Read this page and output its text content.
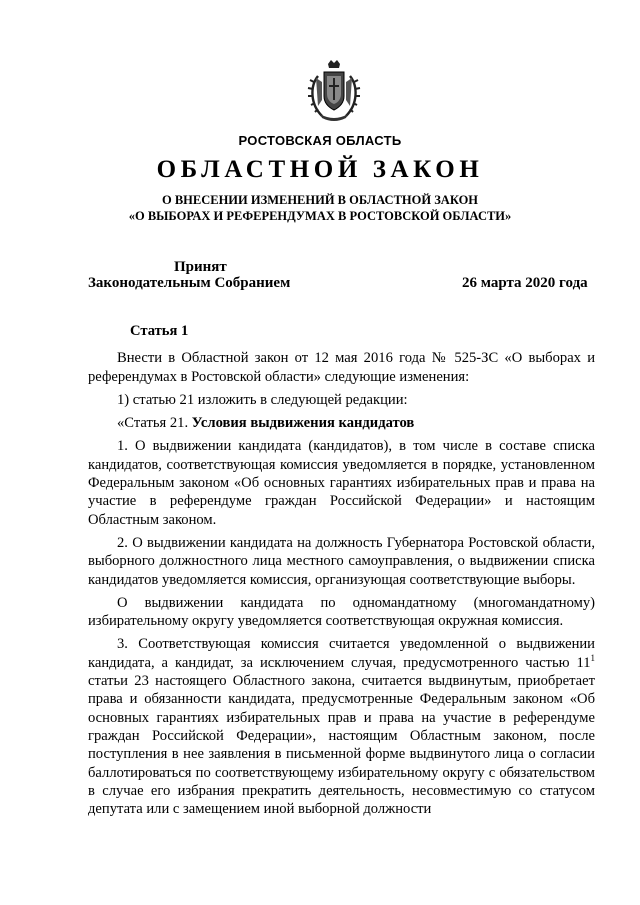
РОСТОВСКАЯ ОБЛАСТЬ
ОБЛАСТНОЙ ЗАКОН
О ВНЕСЕНИИ ИЗМЕНЕНИЙ В ОБЛАСТНОЙ ЗАКОН
«О ВЫБОРАХ И РЕФЕРЕНДУМАХ В РОСТОВСКОЙ ОБЛАСТИ»
Принят
Законодательным Собранием	26 марта 2020 года

Статья 1

Внести в Областной закон от 12 мая 2016 года № 525-ЗС «О выборах и референдумах в Ростовской области» следующие изменения:

1) статью 21 изложить в следующей редакции:

«Статья 21. Условия выдвижения кандидатов

1. О выдвижении кандидата (кандидатов), в том числе в составе списка кандидатов, соответствующая комиссия уведомляется в порядке, установленном Федеральным законом «Об основных гарантиях избирательных прав и права на участие в референдуме граждан Российской Федерации» и настоящим Областным законом.

2. О выдвижении кандидата на должность Губернатора Ростовской области, выборного должностного лица местного самоуправления, о выдвижении списка кандидатов уведомляется комиссия, организующая соответствующие выборы.

О выдвижении кандидата по одномандатному (многомандатному) избирательному округу уведомляется соответствующая окружная комиссия.

3. Соответствующая комиссия считается уведомленной о выдвижении кандидата, а кандидат, за исключением случая, предусмотренного частью $11^1$ статьи 23 настоящего Областного закона, считается выдвинутым, приобретает права и обязанности кандидата, предусмотренные Федеральным законом «Об основных гарантиях избирательных прав и права на участие в референдуме граждан Российской Федерации», настоящим Областным законом, после поступления в нее заявления в письменной форме выдвинутого лица о согласии баллотироваться по соответствующему избирательному округу с обязательством в случае его избрания прекратить деятельность, несовместимую со статусом депутата или с замещением иной выборной должности
